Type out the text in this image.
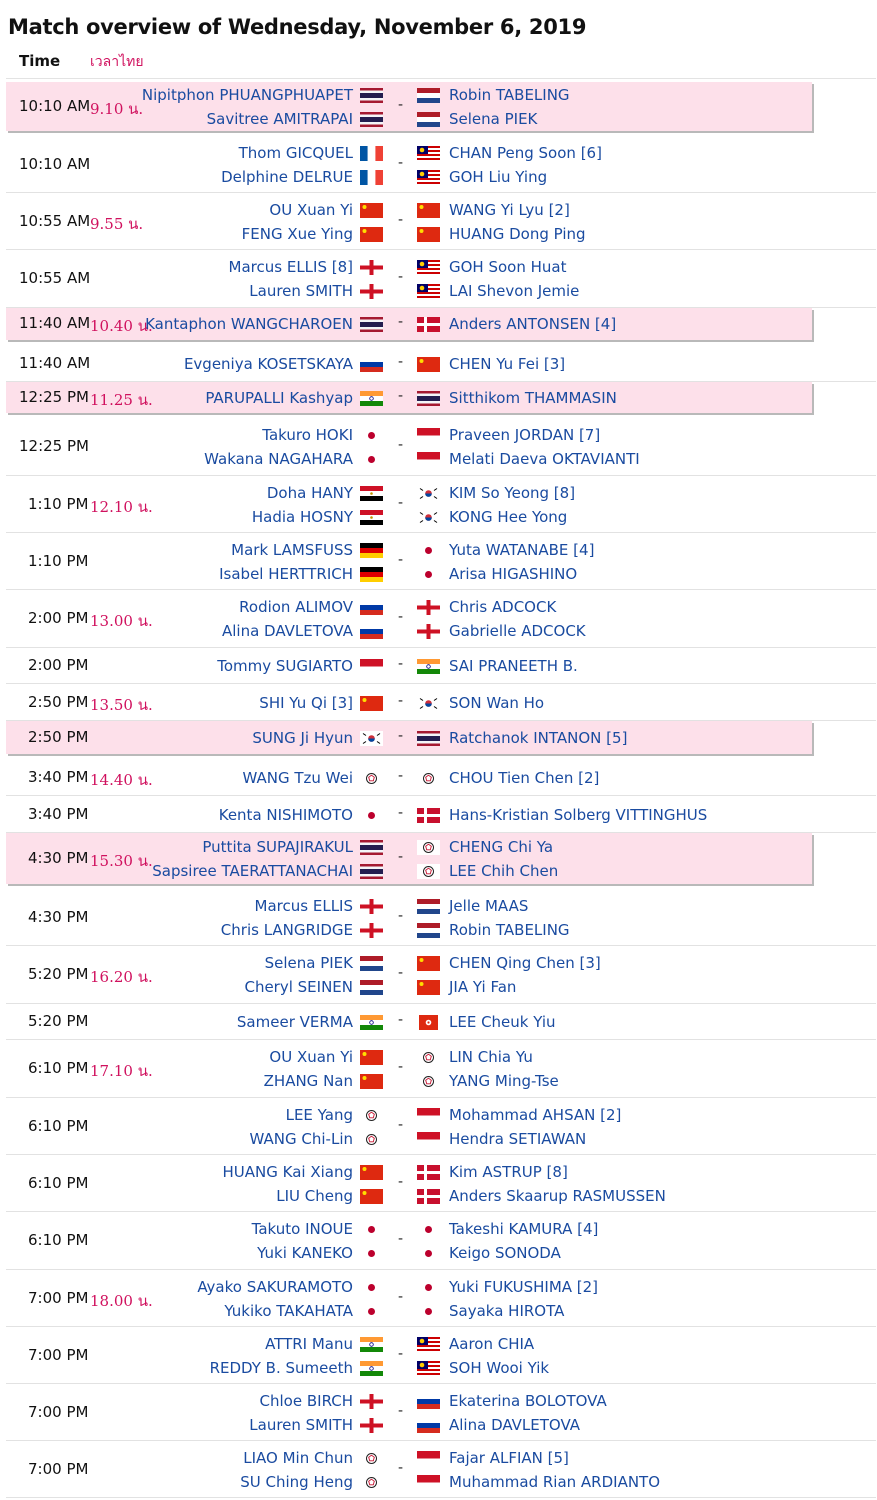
Match overview of Wednesday, November 6, 2019
Time เวลาไทย
10:10 AM 9.10 น.
Nipitphon PHUANGPHUAPET	Robin TABELING
Savitree AMITRAPAI	Selena PIEK
-
10:10 AM
Thom GICQUEL	CHAN Peng Soon [6]
Delphine DELRUE	GOH Liu Ying
-
10:55 AM 9.55 น.
OU Xuan Yi	WANG Yi Lyu [2]
FENG Xue Ying	HUANG Dong Ping
-
10:55 AM
Marcus ELLIS [8]	GOH Soon Huat
Lauren SMITH	LAI Shevon Jemie
-
11:40 AM 10.40 น.
Kantaphon WANGCHAROEN	Anders ANTONSEN [4]
-
11:40 AM	Evgeniya KOSETSKAYA	CHEN Yu Fei [3]
-
12:25 PM 11.25 น.	PARUPALLI Kashyap	Sitthikom THAMMASIN
-
12:25 PM
Takuro HOKI	Praveen JORDAN [7]
Wakana NAGAHARA	Melati Daeva OKTAVIANTI
-
1:10 PM 12.10 น.
Doha HANY	KIM So Yeong [8]
Hadia HOSNY	KONG Hee Yong
-
1:10 PM
Mark LAMSFUSS	Yuta WATANABE [4]
Isabel HERTTRICH	Arisa HIGASHINO
-
2:00 PM 13.00 น.
Rodion ALIMOV	Chris ADCOCK
Alina DAVLETOVA	Gabrielle ADCOCK
-
2:00 PM	Tommy SUGIARTO	SAI PRANEETH B.
-
2:50 PM 13.50 น.	SHI Yu Qi [3]	SON Wan Ho
-
2:50 PM	SUNG Ji Hyun	Ratchanok INTANON [5]
-
3:40 PM 14.40 น.	WANG Tzu Wei	CHOU Tien Chen [2]
-
3:40 PM	Kenta NISHIMOTO	Hans-Kristian Solberg VITTINGHUS
-
4:30 PM 15.30 น.
Puttita SUPAJIRAKUL	CHENG Chi Ya
Sapsiree TAERATTANACHAI	LEE Chih Chen
-
4:30 PM
Marcus ELLIS	Jelle MAAS
Chris LANGRIDGE	Robin TABELING
-
5:20 PM 16.20 น.
Selena PIEK	CHEN Qing Chen [3]
Cheryl SEINEN	JIA Yi Fan
-
5:20 PM	Sameer VERMA	LEE Cheuk Yiu
-
6:10 PM 17.10 น.
OU Xuan Yi	LIN Chia Yu
ZHANG Nan	YANG Ming-Tse
-
6:10 PM
LEE Yang	Mohammad AHSAN [2]
WANG Chi-Lin	Hendra SETIAWAN
-
6:10 PM
HUANG Kai Xiang	Kim ASTRUP [8]
LIU Cheng	Anders Skaarup RASMUSSEN
-
6:10 PM
Takuto INOUE	Takeshi KAMURA [4]
Yuki KANEKO	Keigo SONODA
-
7:00 PM 18.00 น.
Ayako SAKURAMOTO	Yuki FUKUSHIMA [2]
Yukiko TAKAHATA	Sayaka HIROTA
-
7:00 PM
ATTRI Manu	Aaron CHIA
REDDY B. Sumeeth	SOH Wooi Yik
-
7:00 PM
Chloe BIRCH	Ekaterina BOLOTOVA
Lauren SMITH	Alina DAVLETOVA
-
7:00 PM
LIAO Min Chun	Fajar ALFIAN [5]
SU Ching Heng	Muhammad Rian ARDIANTO
-
